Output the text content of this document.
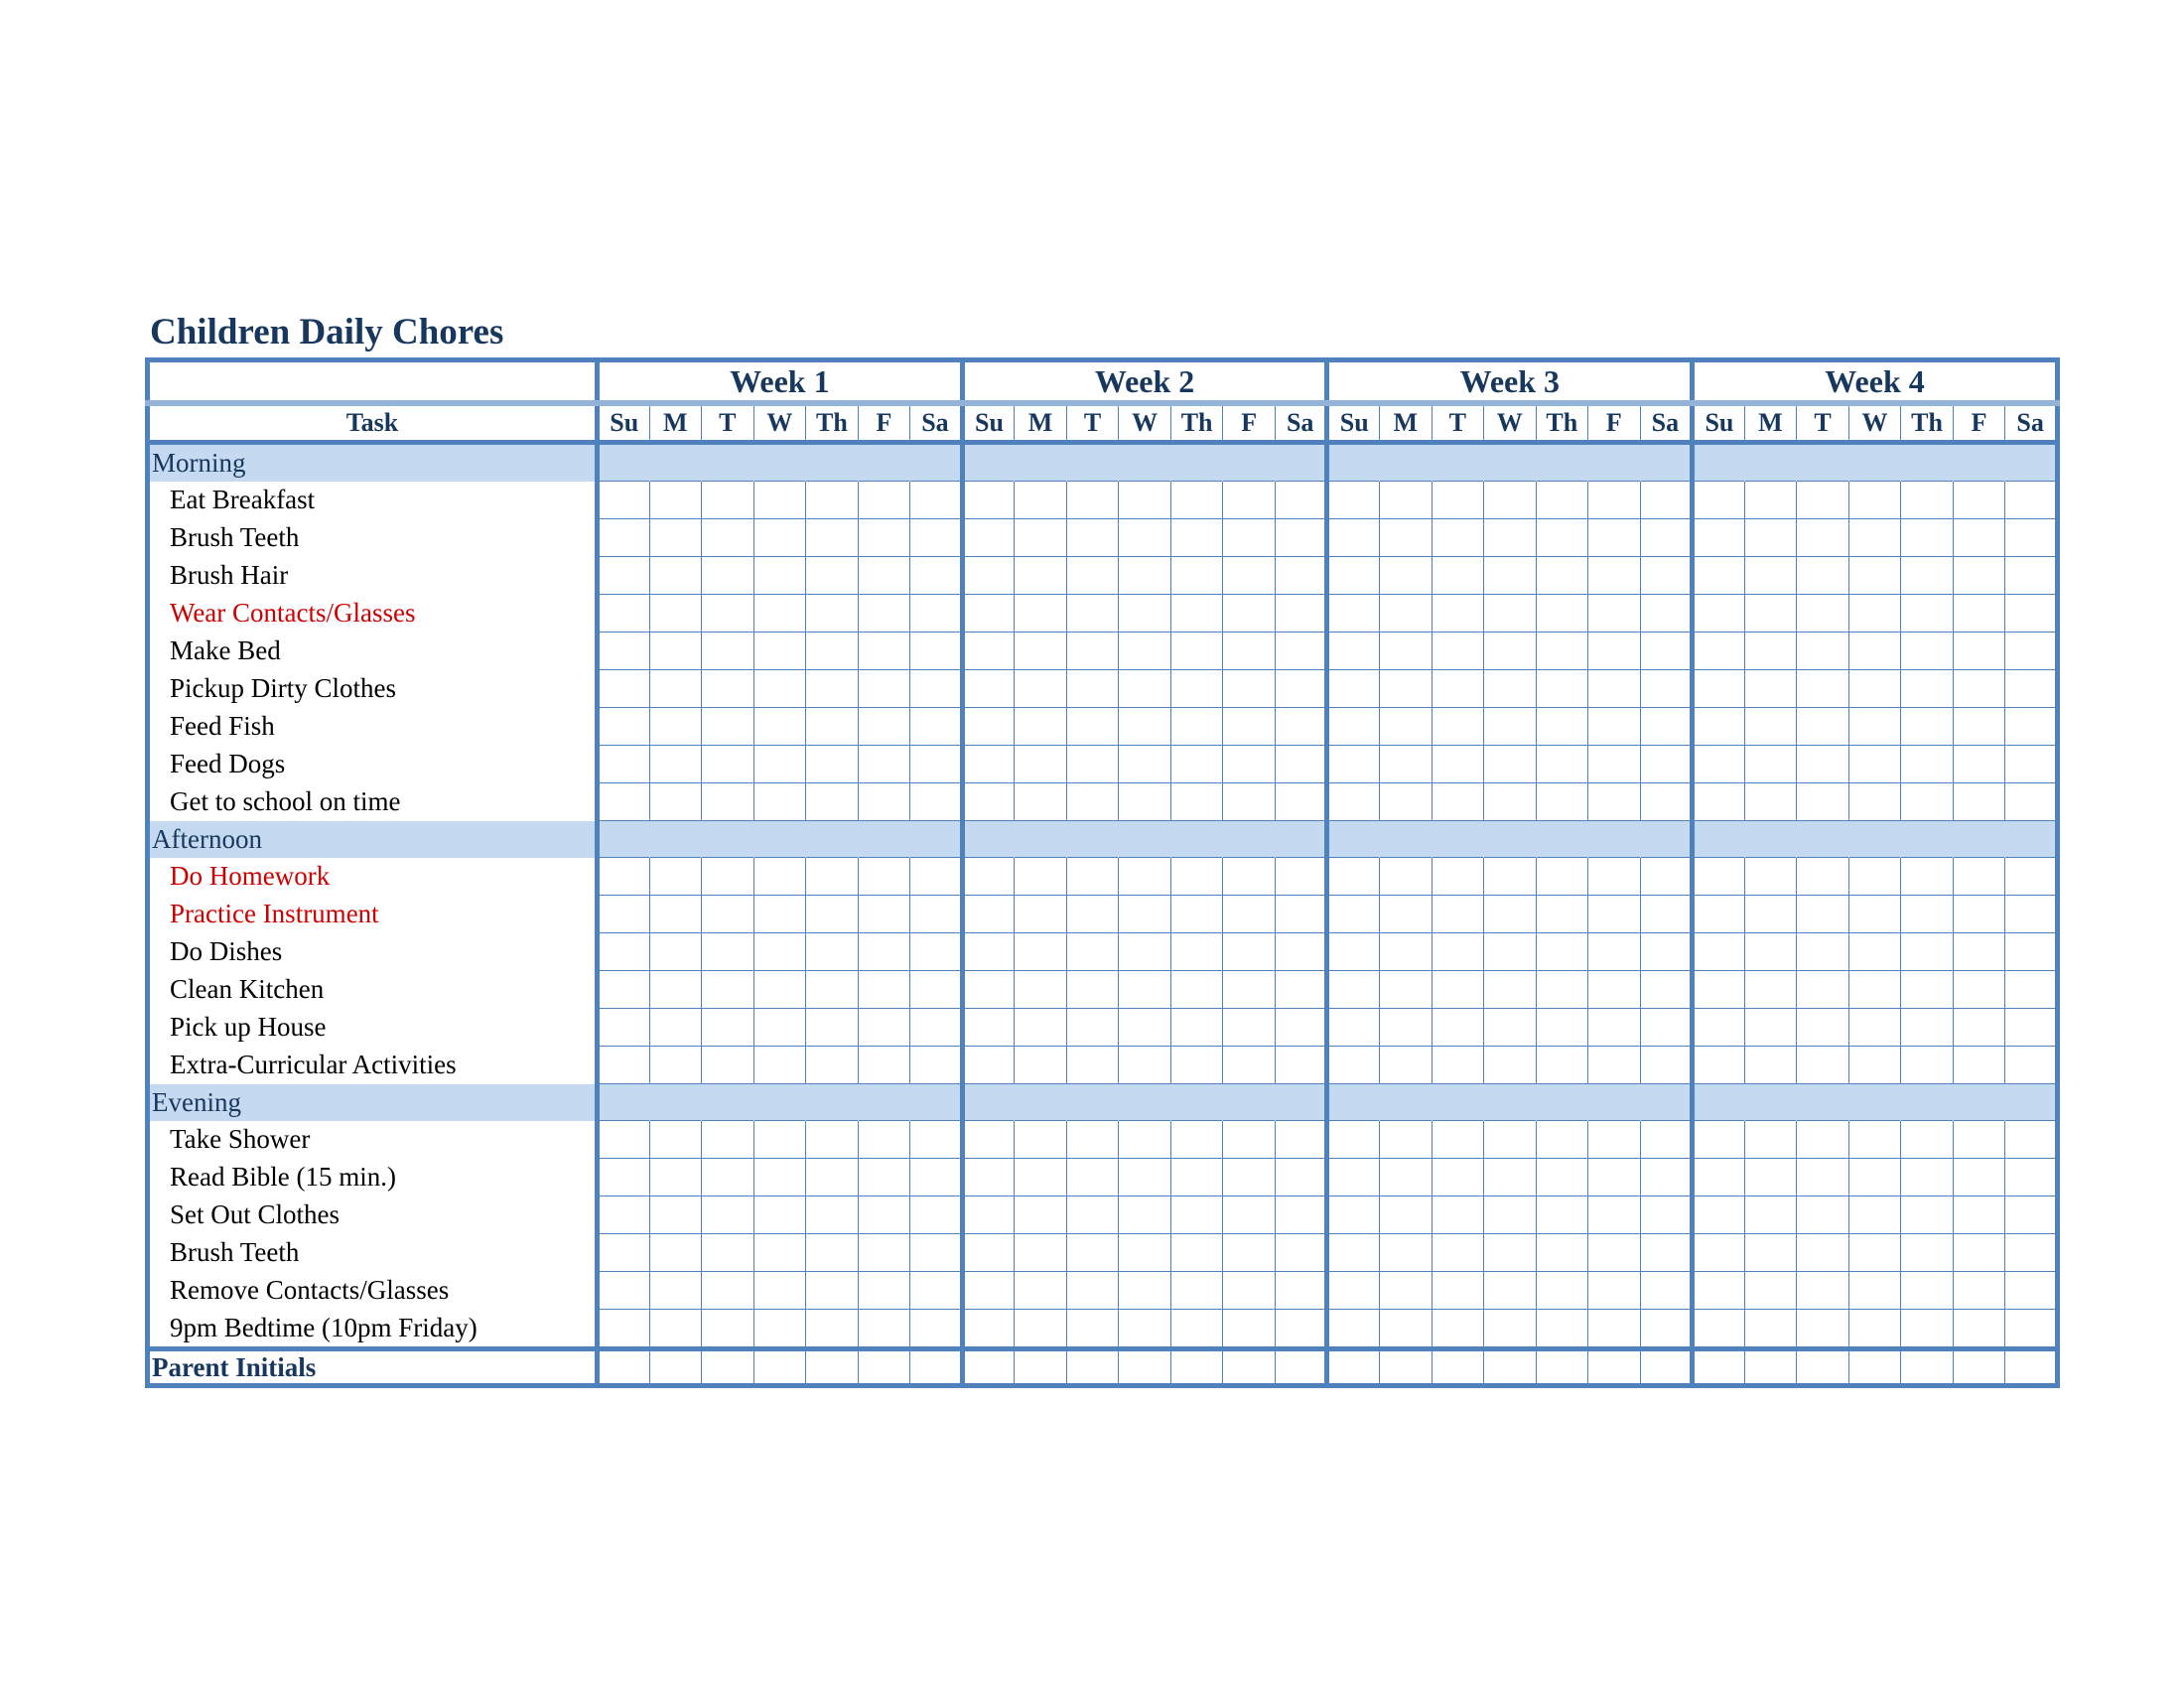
Children Daily Chores
	Week 1							Week 2							Week 3							Week 4						
Task	Su	M	T	W	Th	F	Sa	Su	M	T	W	Th	F	Sa	Su	M	T	W	Th	F	Sa	Su	M	T	W	Th	F	Sa
Morning																												
Eat Breakfast																												
Brush Teeth																												
Brush Hair																												
Wear Contacts/Glasses																												
Make Bed																												
Pickup Dirty Clothes																												
Feed Fish																												
Feed Dogs																												
Get to school on time																												
Afternoon																												
Do Homework																												
Practice Instrument																												
Do Dishes																												
Clean Kitchen																												
Pick up House																												
Extra-Curricular Activities																												
Evening																												
Take Shower																												
Read Bible (15 min.)																												
Set Out Clothes																												
Brush Teeth																												
Remove Contacts/Glasses																												
9pm Bedtime (10pm Friday)																												
Parent Initials																												
